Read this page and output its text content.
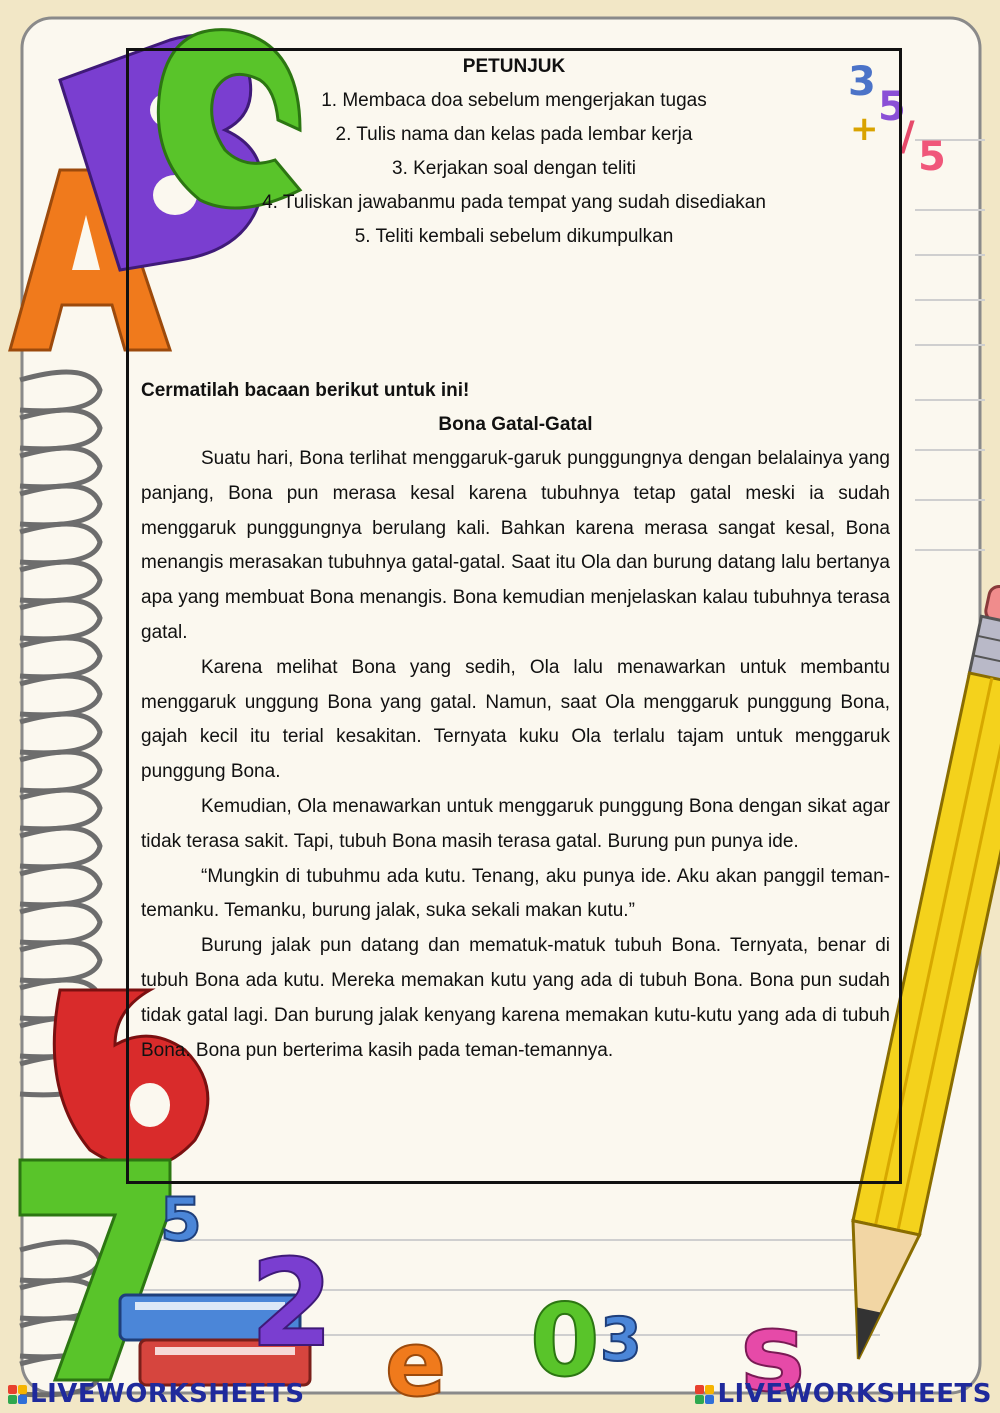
3
+ 5
/ 5
2 e 0 3 s
5
PETUNJUK
1. Membaca doa sebelum mengerjakan tugas
2. Tulis nama dan kelas pada lembar kerja
3. Kerjakan soal dengan teliti
4. Tuliskan jawabanmu pada tempat yang sudah disediakan
5. Teliti kembali sebelum dikumpulkan
Cermatilah bacaan berikut untuk ini!
Bona Gatal-Gatal

Suatu hari, Bona terlihat menggaruk-garuk punggungnya dengan belalainya yang panjang, Bona pun merasa kesal karena tubuhnya tetap gatal meski ia sudah menggaruk punggungnya berulang kali. Bahkan karena merasa sangat kesal, Bona menangis merasakan tubuhnya gatal-gatal. Saat itu Ola dan burung datang lalu bertanya apa yang membuat Bona menangis. Bona kemudian menjelaskan kalau tubuhnya terasa gatal.

Karena melihat Bona yang sedih, Ola lalu menawarkan untuk membantu menggaruk unggung Bona yang gatal. Namun, saat Ola menggaruk punggung Bona, gajah kecil itu terial kesakitan. Ternyata kuku Ola terlalu tajam untuk menggaruk punggung Bona.

Kemudian, Ola menawarkan untuk menggaruk punggung Bona dengan sikat agar tidak terasa sakit. Tapi, tubuh Bona masih terasa gatal. Burung pun punya ide.

“Mungkin di tubuhmu ada kutu. Tenang, aku punya ide. Aku akan panggil teman-temanku. Temanku, burung jalak, suka sekali makan kutu.”

Burung jalak pun datang dan mematuk-matuk tubuh Bona. Ternyata, benar di tubuh Bona ada kutu. Mereka memakan kutu yang ada di tubuh Bona. Bona pun sudah tidak gatal lagi. Dan burung jalak kenyang karena memakan kutu-kutu yang ada di tubuh Bona. Bona pun berterima kasih pada teman-temannya.

LIVEWORKSHEETS	LIVEWORKSHEETS
